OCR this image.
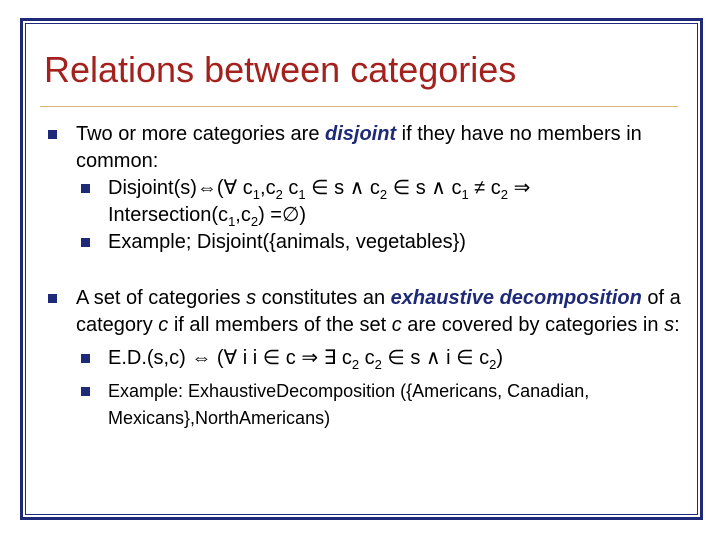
Relations between categories
Two or more categories are disjoint if they have no members in common:
Disjoint(s)⇔(∀ $c_1,c_2$ $c_1$ ∈ s ∧ $c_2$ ∈ s ∧ $c_1 \ne c_2$ ⇒ $Intersection(c_1,c_2)$ =∅)
Example; Disjoint({animals, vegetables})
A set of categories s constitutes an exhaustive decomposition of a category c if all members of the set c are covered by categories in s:
E.D.(s,c) ⇔ (∀ i i ∈ c ⇒ ∃ $c_2$ $c_2$ ∈ s ∧ i ∈ $c_2$)
Example: ExhaustiveDecomposition ({Americans, Canadian, Mexicans},NorthAmericans)
